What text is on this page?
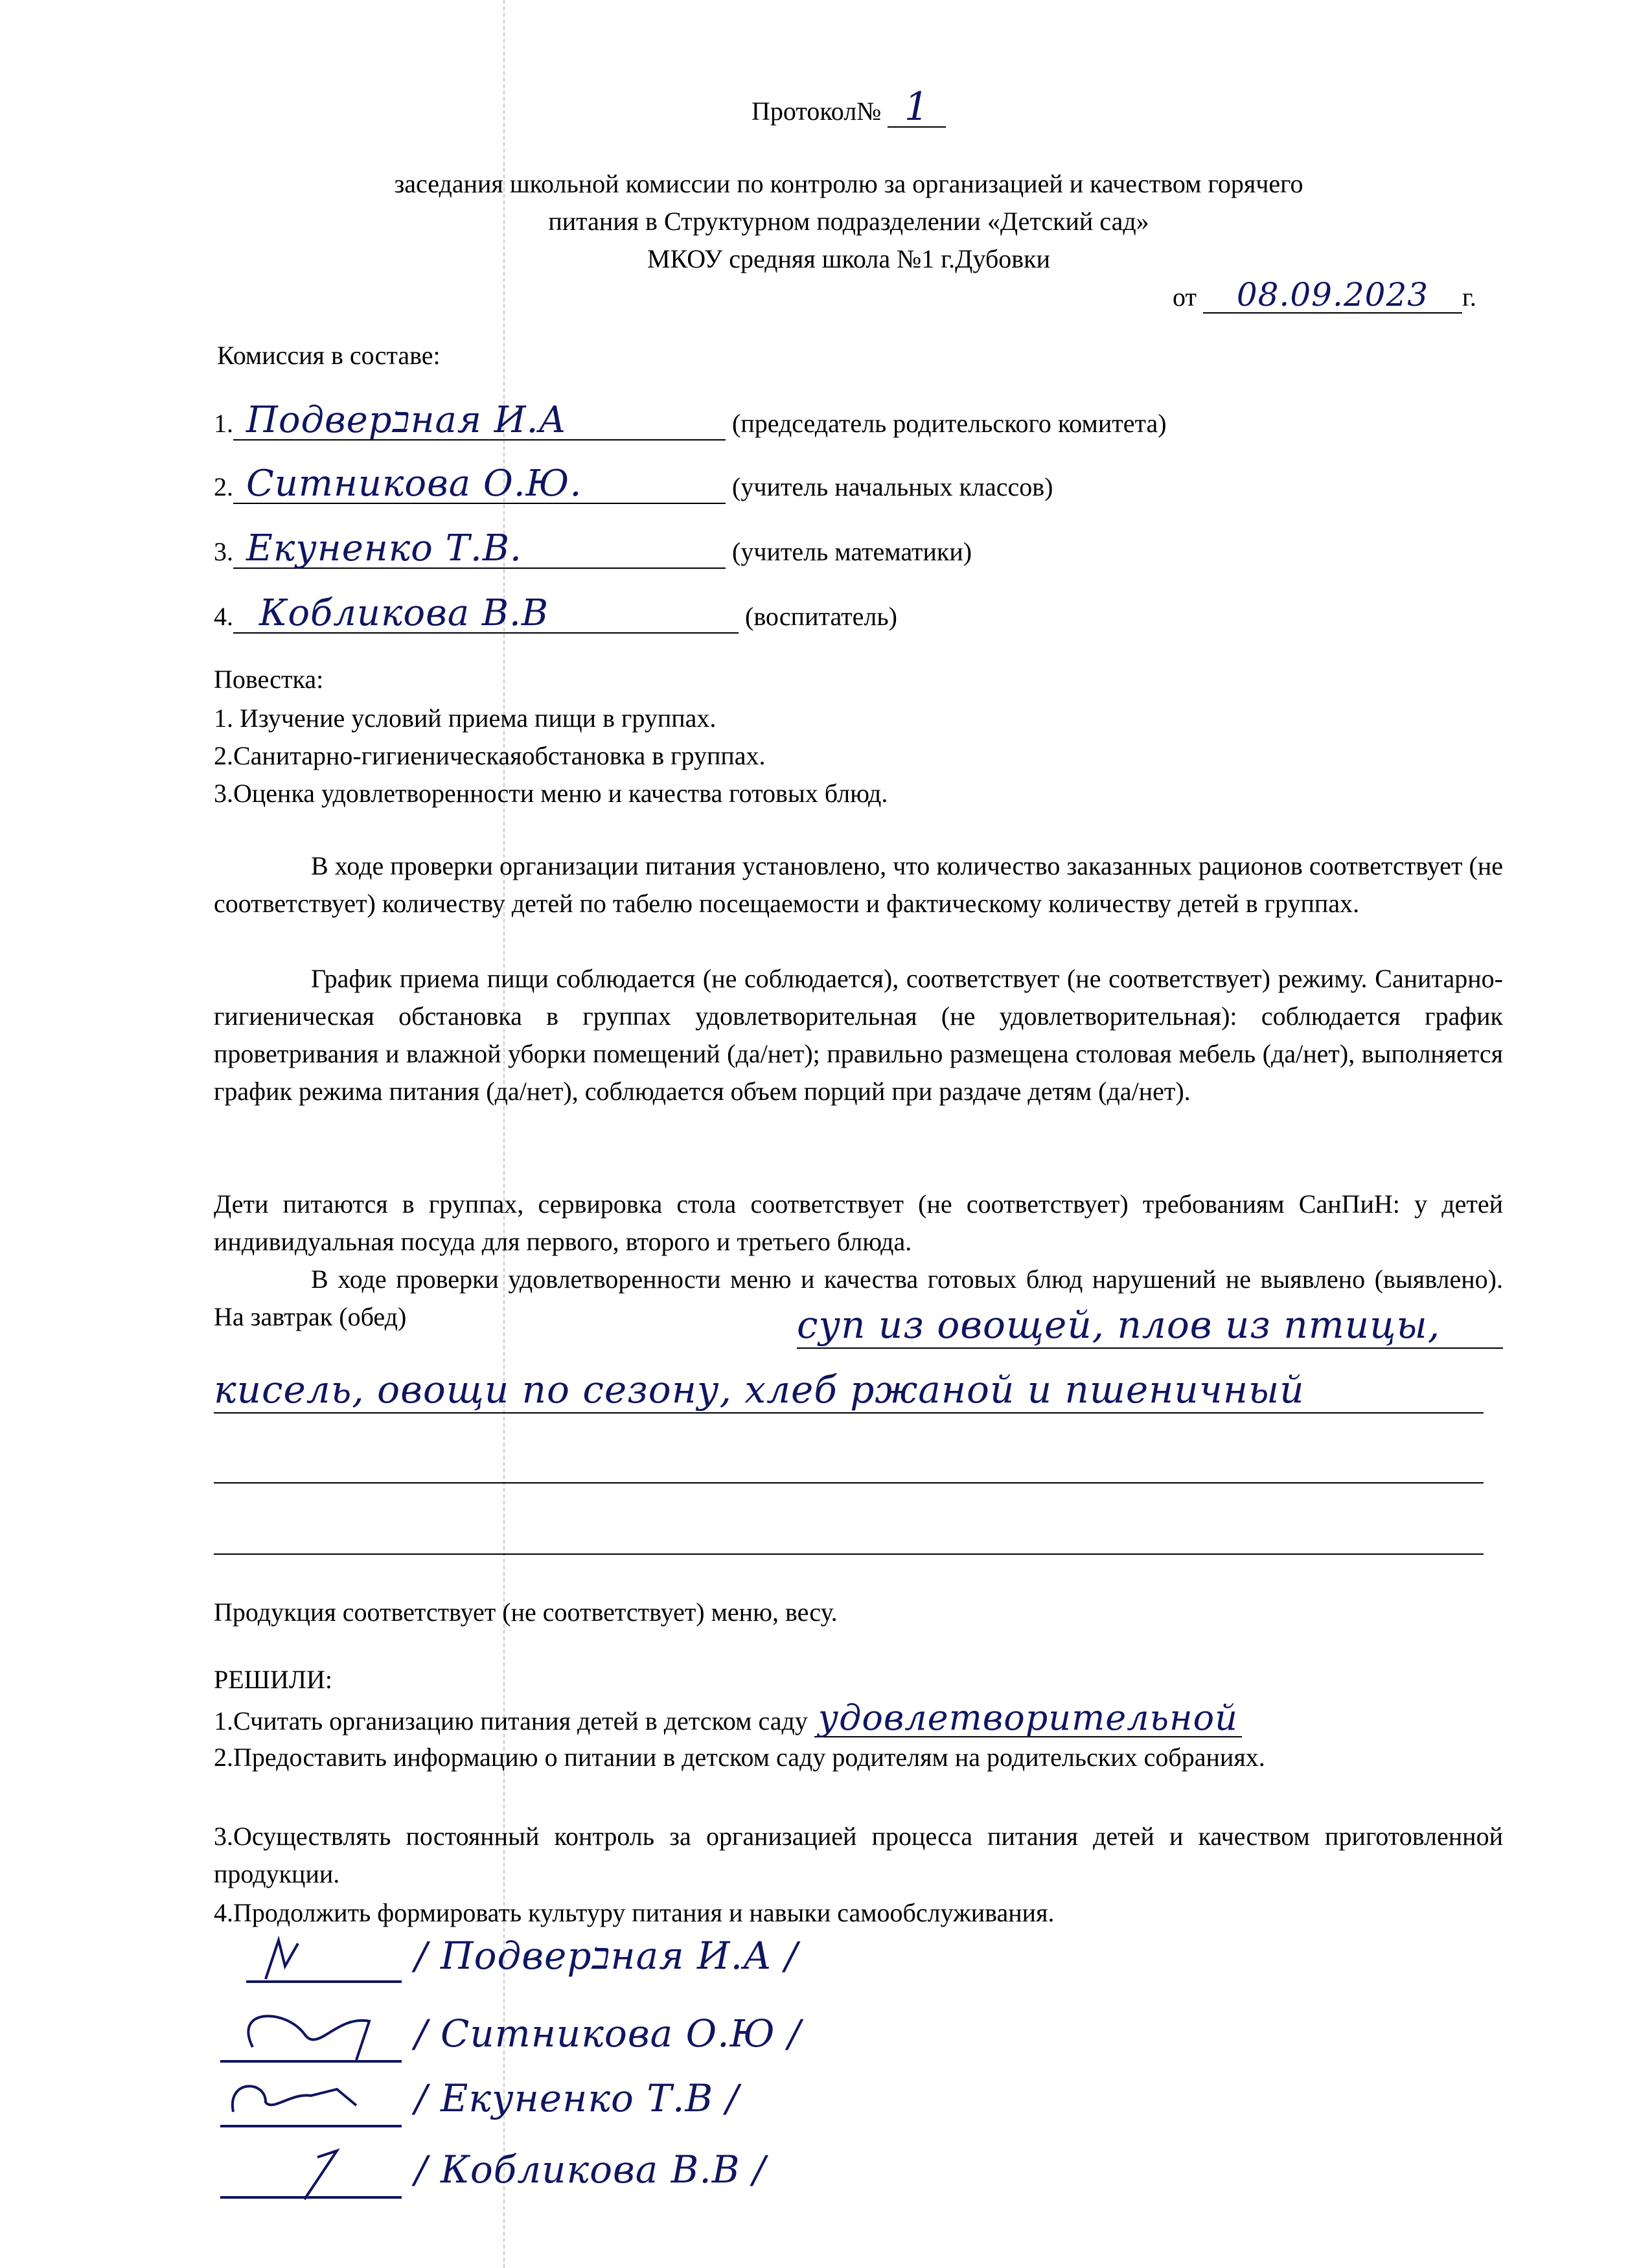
Протокол№ 1
заседания школьной комиссии по контролю за организацией и качеством горячего
питания в Структурном подразделении «Детский сад»
МКОУ средняя школа №1 г.Дубовки
от 08.09.2023 г.
Комиссия в составе:
1. Подверבная И.А	(председатель родительского комитета)
2. Ситникова О.Ю.	(учитель начальных классов)
3. Екуненко Т.В.	(учитель математики)
4. Кобликова В.В	(воспитатель)
Повестка:
1. Изучение условий приема пищи в группах.
2.Санитарно-гигиеническаяобстановка в группах.
3.Оценка удовлетворенности меню и качества готовых блюд.
В ходе проверки организации питания установлено, что количество заказанных рационов соответствует (не соответствует) количеству детей по табелю посещаемости и фактическому количеству детей в группах.
График приема пищи соблюдается (не соблюдается), соответствует (не соответствует) режиму. Санитарно-гигиеническая обстановка в группах удовлетворительная (не удовлетворительная): соблюдается график проветривания и влажной уборки помещений (да/нет); правильно размещена столовая мебель (да/нет), выполняется график режима питания (да/нет), соблюдается объем порций при раздаче детям (да/нет).
Дети питаются в группах, сервировка стола соответствует (не соответствует) требованиям СанПиН: у детей индивидуальная посуда для первого, второго и третьего блюда.
В ходе проверки удовлетворенности меню и качества готовых блюд нарушений не выявлено (выявлено). На завтрак (обед)	суп из овощей, плов из птицы,
кисель, овощи по сезону, хлеб ржаной и пшеничный
Продукция соответствует (не соответствует) меню, весу.
РЕШИЛИ:
1.Считать организацию питания детей в детском саду удовлетворительной
2.Предоставить информацию о питании в детском саду родителям на родительских собраниях.
3.Осуществлять постоянный контроль за организацией процесса питания детей и качеством приготовленной продукции.
4.Продолжить формировать культуру питания и навыки самообслуживания.
/ Подверבная И.А /
/ Ситникова О.Ю /
/ Екуненко Т.В /
/ Кобликова В.В /
